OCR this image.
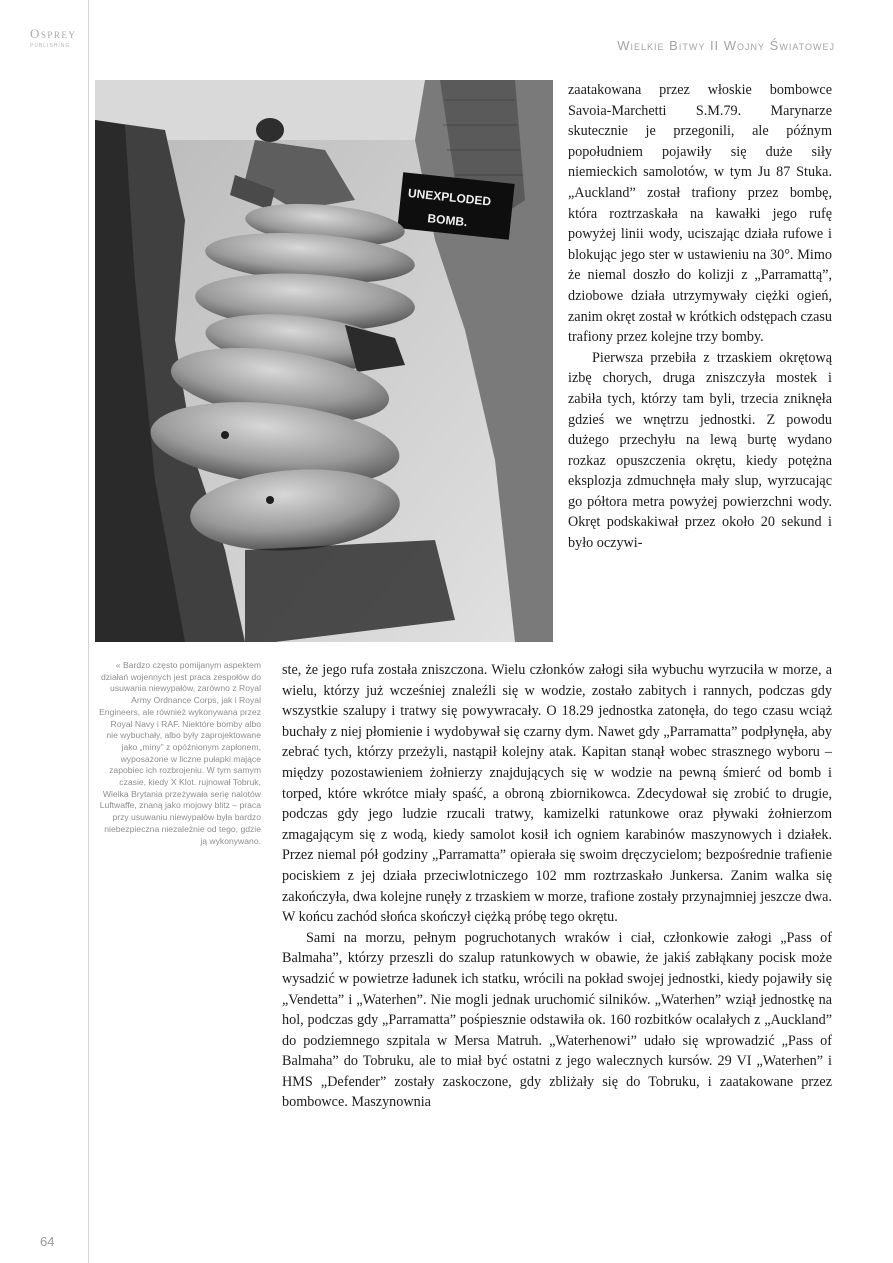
Osprey
PUBLISHING	Wielkie Bitwy II Wojny Światowej
UNEXPLODED
BOMB.
« Bardzo często pomijanym aspektem działań wojennych jest praca zespołów do usuwania niewypałów, zarówno z Royal Army Ordnance Corps, jak i Royal Engineers, ale również wykonywana przez Royal Navy i RAF. Niektóre bomby albo nie wybuchały, albo były zaprojektowane jako „miny” z opóźnionym zapłonem, wyposażone w liczne pułapki mające zapobiec ich rozbrojeniu. W tym samym czasie, kiedy X Klot. rujnował Tobruk, Wielka Brytania przeżywała serię nalotów Luftwaffe, znaną jako mojowy blitz – praca przy usuwaniu niewypałów była bardzo niebezpieczna niezależnie od tego, gdzie ją wykonywano.

zaatakowana przez włoskie bombowce Savoia-Marchetti S.M.79. Marynarze skutecznie je przegonili, ale późnym popołudniem pojawiły się duże siły niemieckich samolotów, w tym Ju 87 Stuka. „Auckland” został trafiony przez bombę, która roztrzaskała na kawałki jego rufę powyżej linii wody, uciszając działa rufowe i blokując jego ster w ustawieniu na 30°. Mimo że niemal doszło do kolizji z „Parramattą”, dziobowe działa utrzymywały ciężki ogień, zanim okręt został w krótkich odstępach czasu trafiony przez kolejne trzy bomby.

Pierwsza przebiła z trzaskiem okrętową izbę chorych, druga zniszczyła mostek i zabiła tych, którzy tam byli, trzecia zniknęła gdzieś we wnętrzu jednostki. Z powodu dużego przechyłu na lewą burtę wydano rozkaz opuszczenia okrętu, kiedy potężna eksplozja zdmuchnęła mały slup, wyrzucając go półtora metra powyżej powierzchni wody. Okręt podskakiwał przez około 20 sekund i było oczywi-

ste, że jego rufa została zniszczona. Wielu członków załogi siła wybuchu wyrzuciła w morze, a wielu, którzy już wcześniej znaleźli się w wodzie, zostało zabitych i rannych, podczas gdy wszystkie szalupy i tratwy się powywracały. O 18.29 jednostka zatonęła, do tego czasu wciąż buchały z niej płomienie i wydobywał się czarny dym. Nawet gdy „Parramatta” podpłynęła, aby zebrać tych, którzy przeżyli, nastąpił kolejny atak. Kapitan stanął wobec strasznego wyboru – między pozostawieniem żołnierzy znajdujących się w wodzie na pewną śmierć od bomb i torped, które wkrótce miały spaść, a obroną zbiornikowca. Zdecydował się zrobić to drugie, podczas gdy jego ludzie rzucali tratwy, kamizelki ratunkowe oraz pływaki żołnierzom zmagającym się z wodą, kiedy samolot kosił ich ogniem karabinów maszynowych i działek. Przez niemal pół godziny „Parramatta” opierała się swoim dręczycielom; bezpośrednie trafienie pociskiem z jej działa przeciwlotniczego 102 mm roztrzaskało Junkersa. Zanim walka się zakończyła, dwa kolejne runęły z trzaskiem w morze, trafione zostały przynajmniej jeszcze dwa. W końcu zachód słońca skończył ciężką próbę tego okrętu.

Sami na morzu, pełnym pogruchotanych wraków i ciał, członkowie załogi „Pass of Balmaha”, którzy przeszli do szalup ratunkowych w obawie, że jakiś zabłąkany pocisk może wysadzić w powietrze ładunek ich statku, wrócili na pokład swojej jednostki, kiedy pojawiły się „Vendetta” i „Waterhen”. Nie mogli jednak uruchomić silników. „Waterhen” wziął jednostkę na hol, podczas gdy „Parramatta” pośpiesznie odstawiła ok. 160 rozbitków ocalałych z „Auckland” do podziemnego szpitala w Mersa Matruh. „Waterhenowi” udało się wprowadzić „Pass of Balmaha” do Tobruku, ale to miał być ostatni z jego walecznych kursów. 29 VI „Waterhen” i HMS „Defender” zostały zaskoczone, gdy zbliżały się do Tobruku, i zaatakowane przez bombowce. Maszynownia

64
